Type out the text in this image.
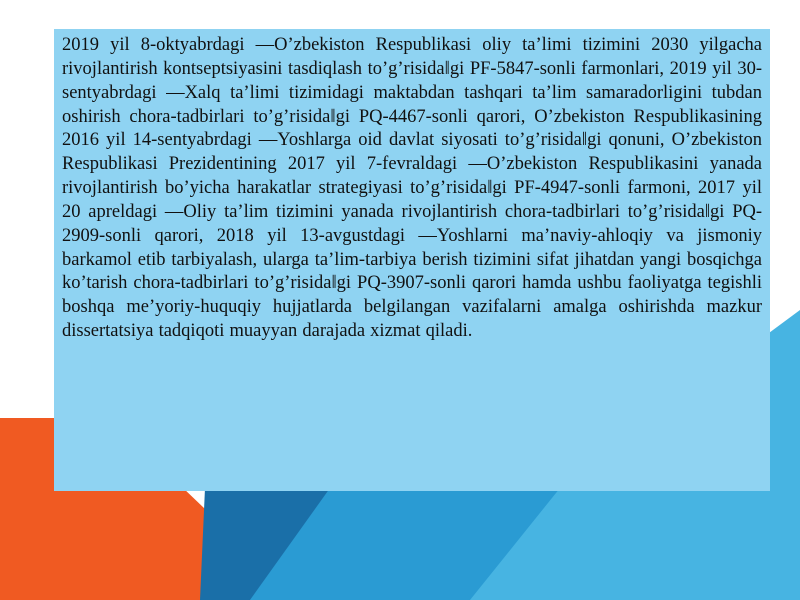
2019 yil 8-oktyabrdagi —O’zbekiston Respublikasi oliy ta’limi tizimini 2030 yilgacha rivojlantirish kontseptsiyasini tasdiqlash to’g’risida‖gi PF-5847-sonli farmonlari, 2019 yil 30-sentyabrdagi —Xalq ta’limi tizimidagi maktabdan tashqari ta’lim samaradorligini tubdan oshirish chora-tadbirlari to’g’risida‖gi PQ-4467-sonli qarori, O’zbekiston Respublikasining 2016 yil 14-sentyabrdagi —Yoshlarga oid davlat siyosati to’g’risida‖gi qonuni, O’zbekiston Respublikasi Prezidentining 2017 yil 7-fevraldagi —O’zbekiston Respublikasini yanada rivojlantirish bo’yicha harakatlar strategiyasi to’g’risida‖gi PF-4947-sonli farmoni, 2017 yil 20 apreldagi —Oliy ta’lim tizimini yanada rivojlantirish chora-tadbirlari to’g’risida‖gi PQ-2909-sonli qarori, 2018 yil 13-avgustdagi —Yoshlarni ma’naviy-ahloqiy va jismoniy barkamol etib tarbiyalash, ularga ta’lim-tarbiya berish tizimini sifat jihatdan yangi bosqichga ko’tarish chora-tadbirlari to’g’risida‖gi PQ-3907-sonli qarori hamda ushbu faoliyatga tegishli boshqa me’yoriy-huquqiy hujjatlarda belgilangan vazifalarni amalga oshirishda mazkur dissertatsiya tadqiqoti muayyan darajada xizmat qiladi.
